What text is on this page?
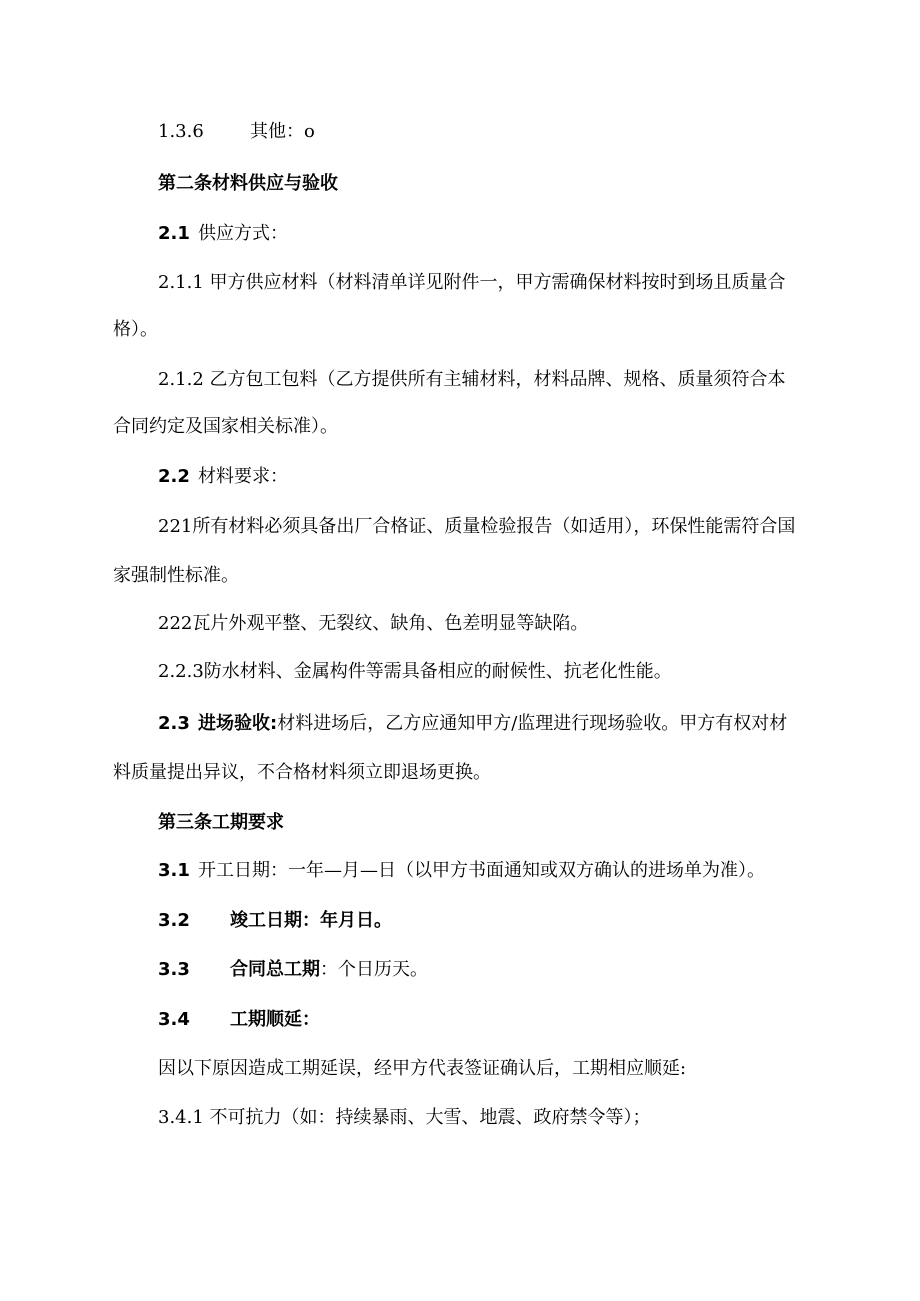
1.3.6	其他：o
第二条材料供应与验收
2.1 供应方式：
2.1.1 甲方供应材料（材料清单详见附件一，甲方需确保材料按时到场且质量合
格）。
2.1.2 乙方包工包料（乙方提供所有主辅材料，材料品牌、规格、质量须符合本
合同约定及国家相关标准）。
2.2 材料要求：
221所有材料必须具备出厂合格证、质量检验报告（如适用），环保性能需符合国
家强制性标准。
222瓦片外观平整、无裂纹、缺角、色差明显等缺陷。
2.2.3防水材料、金属构件等需具备相应的耐候性、抗老化性能。
2.3 进场验收:材料进场后，乙方应通知甲方/监理进行现场验收。甲方有权对材
料质量提出异议，不合格材料须立即退场更换。
第三条工期要求
3.1 开工日期：一年—月—日（以甲方书面通知或双方确认的进场单为准）。
3.2 竣工日期：年月日。
3.3 合同总工期：个日历天。
3.4 工期顺延：
因以下原因造成工期延误，经甲方代表签证确认后，工期相应顺延:
3.4.1 不可抗力（如：持续暴雨、大雪、地震、政府禁令等）；
